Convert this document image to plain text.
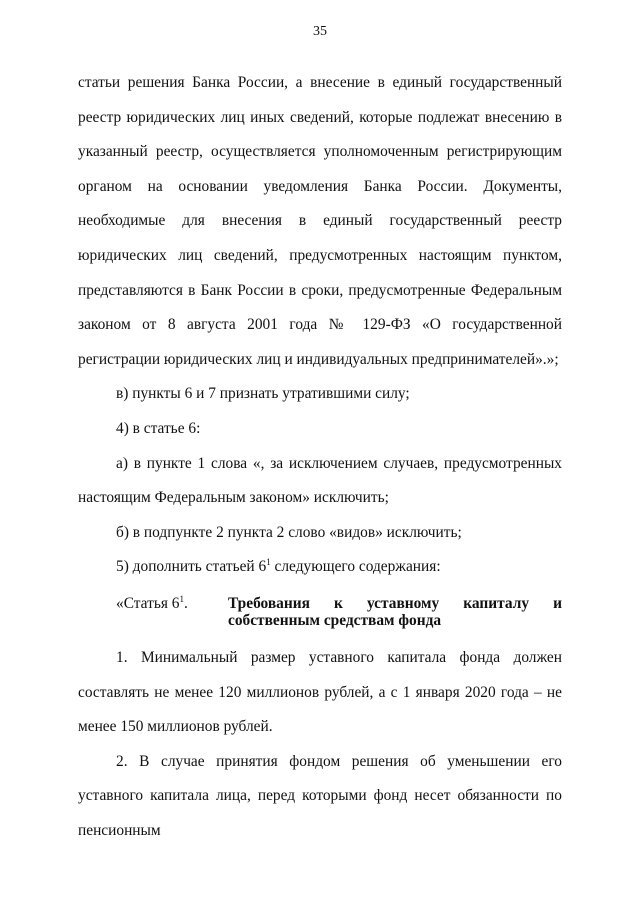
35

статьи решения Банка России, а внесение в единый государственный реестр юридических лиц иных сведений, которые подлежат внесению в указанный реестр, осуществляется уполномоченным регистрирующим органом на основании уведомления Банка России. Документы, необходимые для внесения в единый государственный реестр юридических лиц сведений, предусмотренных настоящим пунктом, представляются в Банк России в сроки, предусмотренные Федеральным законом от 8 августа 2001 года № 129-ФЗ «О государственной регистрации юридических лиц и индивидуальных предпринимателей».»;

в) пункты 6 и 7 признать утратившими силу;

4) в статье 6:

а) в пункте 1 слова «, за исключением случаев, предусмотренных настоящим Федеральным законом» исключить;

б) в подпункте 2 пункта 2 слово «видов» исключить;

5) дополнить статьей $6^1$ следующего содержания:

«Статья $6^1$.	Требования к уставному капиталу и
собственным средствам фонда

1. Минимальный размер уставного капитала фонда должен составлять не менее 120 миллионов рублей, а с 1 января 2020 года – не менее 150 миллионов рублей.

2. В случае принятия фондом решения об уменьшении его уставного капитала лица, перед которыми фонд несет обязанности по пенсионным
